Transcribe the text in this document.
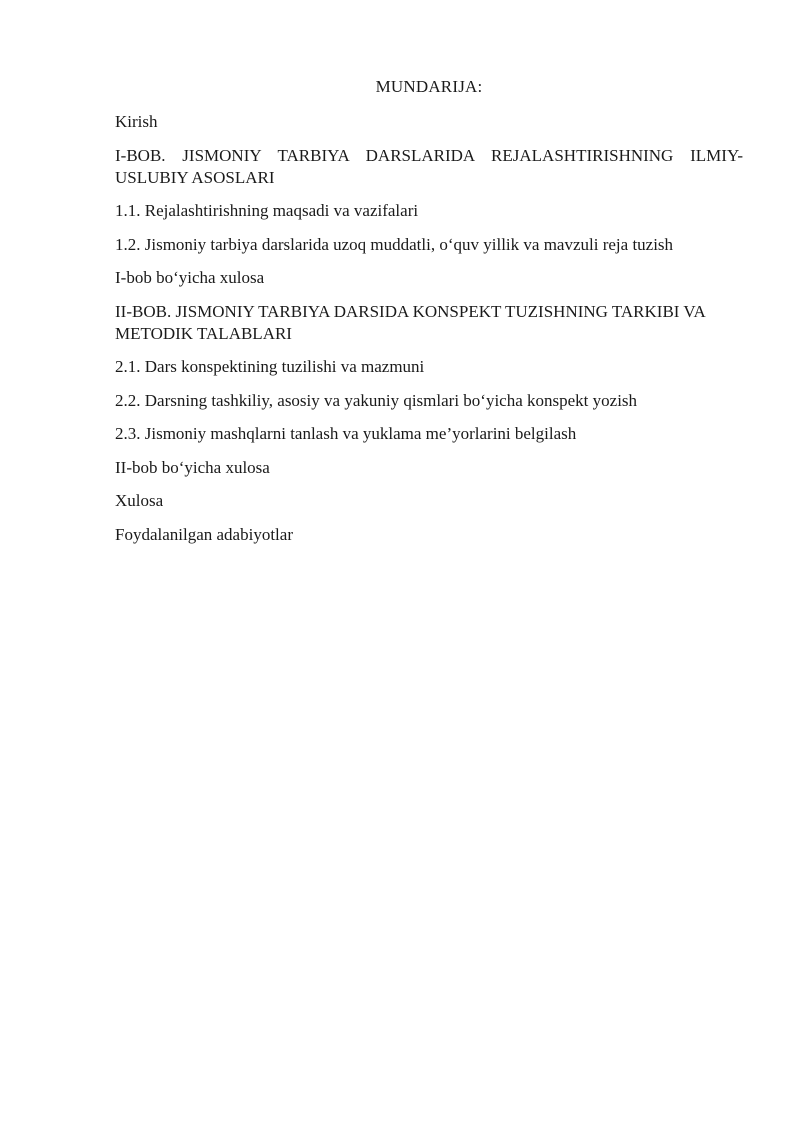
MUNDARIJA:
Kirish
I-BOB. JISMONIY TARBIYA DARSLARIDA REJALASHTIRISHNING ILMIY-USLUBIY ASOSLARI
1.1. Rejalashtirishning maqsadi va vazifalari
1.2. Jismoniy tarbiya darslarida uzoq muddatli, o‘quv yillik va mavzuli reja tuzish
I-bob bo‘yicha xulosa
II-BOB. JISMONIY TARBIYA DARSIDA KONSPEKT TUZISHNING TARKIBI VA METODIK TALABLARI
2.1. Dars konspektining tuzilishi va mazmuni
2.2. Darsning tashkiliy, asosiy va yakuniy qismlari bo‘yicha konspekt yozish
2.3. Jismoniy mashqlarni tanlash va yuklama me’yorlarini belgilash
II-bob bo‘yicha xulosa
Xulosa
Foydalanilgan adabiyotlar
